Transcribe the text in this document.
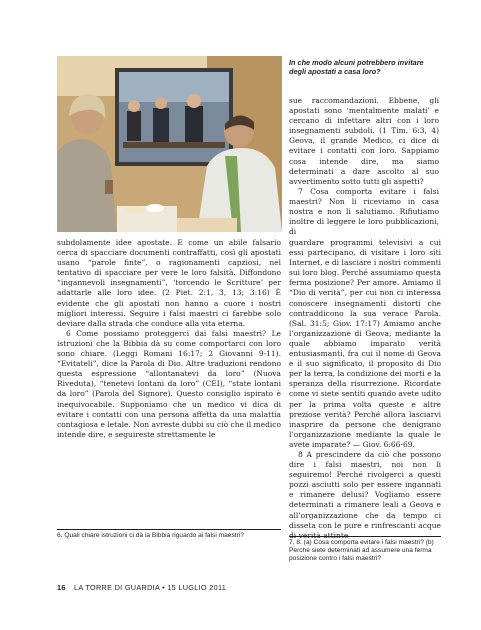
In che modo alcuni potrebbero invitare degli apostati a casa loro?

sue raccomandazioni. Ebbene, gli apostati sono ‘mentalmente malati’ e cercano di infettare altri con i loro insegnamenti subdoli. (1 Tim. 6:3, 4) Geova, il grande Medico, ci dice di evitare i contatti con loro. Sappiamo cosa intende dire, ma siamo determinati a dare ascolto al suo avvertimento sotto tutti gli aspetti?

7 Cosa comporta evitare i falsi maestri? Non li riceviamo in casa nostra e non li salutiamo. Rifiutiamo inoltre di leggere le loro pubblicazioni, di

subdolamente idee apostate. E come un abile falsario cerca di spacciare documenti contraffatti, così gli apostati usano “parole finte”, o ragionamenti capziosi, nel tentativo di spacciare per vere le loro falsità. Diffondono “ingannevoli insegnamenti”, ‘torcendo le Scritture’ per adattarle alle loro idee. (2 Piet. 2:1, 3, 13; 3:16) È evidente che gli apostati non hanno a cuore i nostri migliori interessi. Seguire i falsi maestri ci farebbe solo deviare dalla strada che conduce alla vita eterna.

6 Come possiamo proteggerci dai falsi maestri? Le istruzioni che la Bibbia dà su come comportarci con loro sono chiare. (Leggi Romani 16:17; 2 Giovanni 9-11). “Evitateli”, dice la Parola di Dio. Altre traduzioni rendono questa espressione “allontanatevi da loro” (Nuova Riveduta), “tenetevi lontani da loro” (CEI), “state lontani da loro” (Parola del Signore). Questo consiglio ispirato è inequivocabile. Supponiamo che un medico vi dica di evitare i contatti con una persona affetta da una malattia contagiosa e letale. Non avreste dubbi su ciò che il medico intende dire, e seguireste strettamente le

guardare programmi televisivi a cui essi partecipano, di visitare i loro siti Internet, e di lasciare i nostri commenti sui loro blog. Perché assumiamo questa ferma posizione? Per amore. Amiamo il “Dio di verità”, per cui non ci interessa conoscere insegnamenti distorti che contraddicono la sua verace Parola. (Sal. 31:5; Giov. 17:17) Amiamo anche l’organizzazione di Geova, mediante la quale abbiamo imparato verità entusiasmanti, fra cui il nome di Geova e il suo significato, il proposito di Dio per la terra, la condizione dei morti e la speranza della risurrezione. Ricordate come vi siete sentiti quando avete udito per la prima volta queste e altre preziose verità? Perché allora lasciarvi inasprire da persone che denigrano l’organizzazione mediante la quale le avete imparate? — Giov. 6:66-69.

8 A prescindere da ciò che possono dire i falsi maestri, noi non li seguiremo! Perché rivolgerci a questi pozzi asciutti solo per essere ingannati e rimanere delusi? Vogliamo essere determinati a rimanere leali a Geova e all’organizzazione che da tempo ci disseta con le pure e rinfrescanti acque di verità attinte

6. Quali chiare istruzioni ci dà la Bibbia riguardo ai falsi maestri?
7, 8. (a) Cosa comporta evitare i falsi maestri? (b) Perché siete determinati ad assumere una ferma posizione contro i falsi maestri?
16 LA TORRE DI GUARDIA • 15 LUGLIO 2011
